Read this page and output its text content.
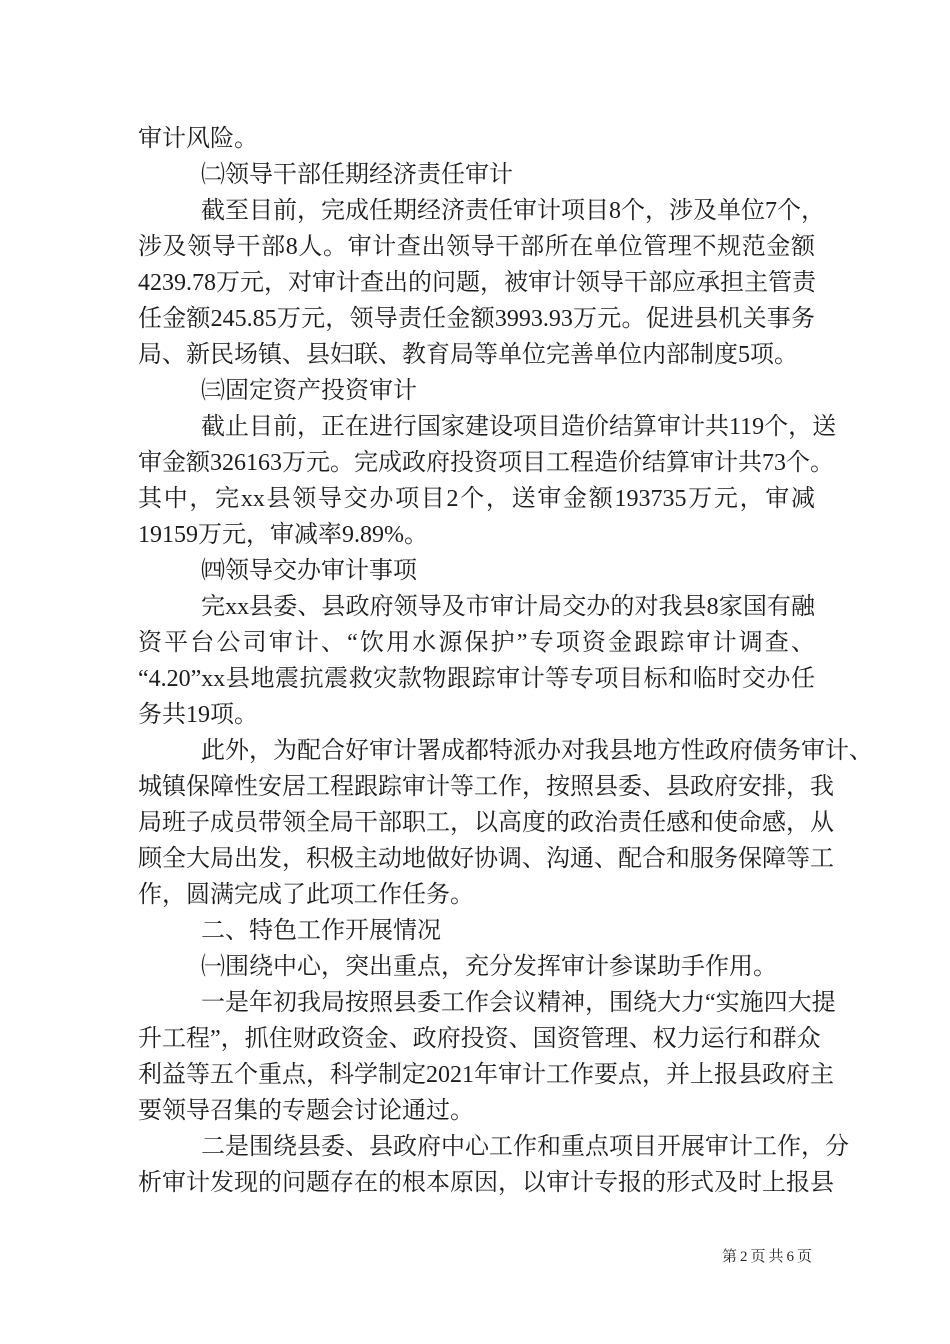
审计风险。
㈡领导干部任期经济责任审计
截至目前，完成任期经济责任审计项目8个，涉及单位7个，
涉及领导干部8人。审计查出领导干部所在单位管理不规范金额
4239.78万元，对审计查出的问题，被审计领导干部应承担主管责
任金额245.85万元，领导责任金额3993.93万元。促进县机关事务
局、新民场镇、县妇联、教育局等单位完善单位内部制度5项。
㈢固定资产投资审计
截止目前，正在进行国家建设项目造价结算审计共119个，送
审金额326163万元。完成政府投资项目工程造价结算审计共73个。
其中，完xx县领导交办项目2个，送审金额193735万元，审减
19159万元，审减率9.89%。
㈣领导交办审计事项
完xx县委、县政府领导及市审计局交办的对我县8家国有融
资平台公司审计、“饮用水源保护”专项资金跟踪审计调查、
“4.20”xx县地震抗震救灾款物跟踪审计等专项目标和临时交办任
务共19项。
此外，为配合好审计署成都特派办对我县地方性政府债务审计、
城镇保障性安居工程跟踪审计等工作，按照县委、县政府安排，我
局班子成员带领全局干部职工，以高度的政治责任感和使命感，从
顾全大局出发，积极主动地做好协调、沟通、配合和服务保障等工
作，圆满完成了此项工作任务。
二、特色工作开展情况
㈠围绕中心，突出重点，充分发挥审计参谋助手作用。
一是年初我局按照县委工作会议精神，围绕大力“实施四大提
升工程”，抓住财政资金、政府投资、国资管理、权力运行和群众
利益等五个重点，科学制定2021年审计工作要点，并上报县政府主
要领导召集的专题会讨论通过。
二是围绕县委、县政府中心工作和重点项目开展审计工作，分
析审计发现的问题存在的根本原因，以审计专报的形式及时上报县
第2页共6页
